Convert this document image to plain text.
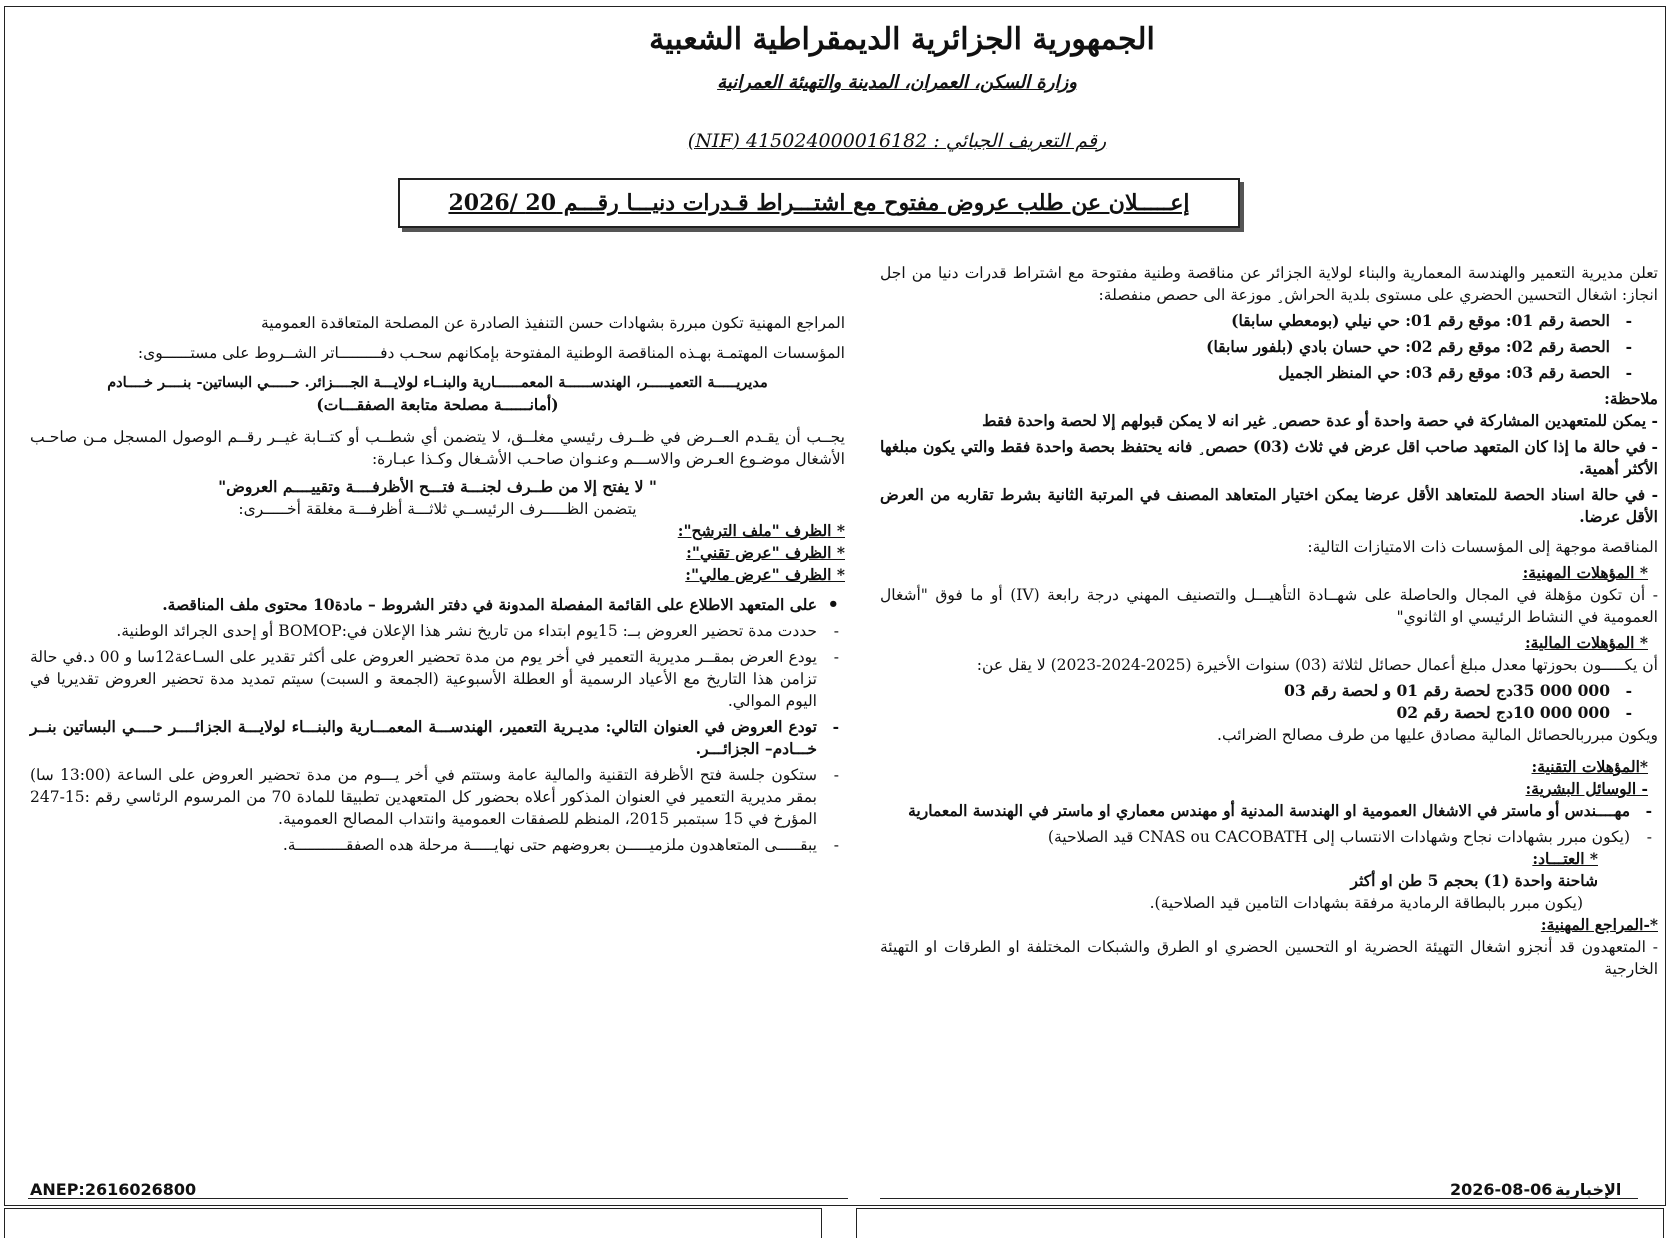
الجمهورية الجزائرية الديمقراطية الشعبية
وزارة السكن، العمران، المدينة والتهيئة العمرانية
رقم التعريف الجبائي : 415024000016182 (NIF)
إعـــــلان عن طلب عروض مفتوح مع اشتـــراط قـدرات دنيـــا رقـــم 20 /2026

تعلن مديرية التعمير والهندسة المعمارية والبناء لولاية الجزائر عن مناقصة وطنية مفتوحة مع اشتراط قدرات دنيا من اجل انجاز: اشغال التحسين الحضري على مستوى بلدية الحراش¸ موزعة الى حصص منفصلة:

- الحصة رقم 01: موقع رقم 01: حي نيلي (بومعطي سابقا)

- الحصة رقم 02: موقع رقم 02: حي حسان بادي (بلفور سابقا)

- الحصة رقم 03: موقع رقم 03: حي المنظر الجميل

ملاحظة:

- يمكن للمتعهدين المشاركة في حصة واحدة أو عدة حصص¸ غير انه لا يمكن قبولهم إلا لحصة واحدة فقط

- في حالة ما إذا كان المتعهد صاحب اقل عرض في ثلاث (03) حصص¸ فانه يحتفظ بحصة واحدة فقط والتي يكون مبلغها الأكثر أهمية.

- في حالة اسناد الحصة للمتعاهد الأقل عرضا يمكن اختيار المتعاهد المصنف في المرتبة الثانية بشرط تقاربه من العرض الأقل عرضا.

المناقصة موجهة إلى المؤسسات ذات الامتيازات التالية:

* المؤهلات المهنية:

- أن تكون مؤهلة في المجال والحاصلة على شهــادة التأهيـــل والتصنيف المهني درجة رابعة (IV) أو ما فوق "أشغال العمومية في النشاط الرئيسي او الثانوي"

* المؤهلات المالية:

أن يكـــــون بحوزتها معدل مبلغ أعمال حصائل لثلاثة (03) سنوات الأخيرة (2025-2024-2023) لا يقل عن:

- 000 000 35دج لحصة رقم 01 و لحصة رقم 03

- 000 000 10دج لحصة رقم 02

ويكون مبرربالحصائل المالية مصادق عليها من طرف مصالح الضرائب.

*المؤهلات التقنية:

- الوسائل البشرية:

- مهــــندس أو ماستر في الاشغال العمومية او الهندسة المدنية أو مهندس معماري او ماستر في الهندسة المعمارية

- (يكون مبرر بشهادات نجاح وشهادات الانتساب إلى CNAS ou CACOBATH قيد الصلاحية)

* العتـــاد:

شاحنة واحدة (1) بحجم 5 طن او أكثر

(يكون مبرر بالبطاقة الرمادية مرفقة بشهادات التامين قيد الصلاحية).

*-المراجع المهنية:

- المتعهدون قد أنجزو اشغال التهيئة الحضرية او التحسين الحضري او الطرق والشبكات المختلفة او الطرقات او التهيئة الخارجية

المراجع المهنية تكون مبررة بشهادات حسن التنفيذ الصادرة عن المصلحة المتعاقدة العمومية

المؤسسات المهتمـة بهـذه المناقصة الوطنية المفتوحة بإمكانهم سحـب دفـــــــــاتر الشــروط على مستــــــوى:

مديريـــــة التعميـــــر، الهندســــــة المعمــــــارية والبنــاء لولايـــة الجــــزائر. حـــــي البساتين- بنــــر خــــادم

(أمانــــــة مصلحة متابعة الصفقـــات)

يجــب أن يقـدم العــرض في ظــرف رئيسي مغلــق، لا يتضمن أي شطــب أو كتــابة غيــر رقــم الوصول المسجل مـن صاحـب الأشغال موضـوع العـرض والاســـم وعنـوان صاحـب الأشـغال وكـذا عبـارة:

" لا يفتح إلا من طــرف لجنـــة فتـــح الأظرفــــة وتقييــــم العروض"

يتضمن الظـــــرف الرئيســي ثلاثـــة أظرفـــة مغلقة أخـــــرى:

* الظرف "ملف الترشح":

* الظرف "عرض تقني":

* الظرف "عرض مالي":

• على المتعهد الاطلاع على القائمة المفصلة المدونة في دفتر الشروط – مادة10 محتوى ملف المناقصة.

- حددت مدة تحضير العروض بــ: 15يوم ابتداء من تاريخ نشر هذا الإعلان في:BOMOP أو إحدى الجرائد الوطنية.

- يودع العرض بمقــر مديرية التعمير في أخر يوم من مدة تحضير العروض على أكثر تقدير على السـاعة12سا و 00 د.في حالة تزامن هذا التاريخ مع الأعياد الرسمية أو العطلة الأسبوعية (الجمعة و السبت) سيتم تمديد مدة تحضير العروض تقديريا في اليوم الموالي.

- تودع العروض في العنوان التالي: مديـرية التعمير، الهندســـة المعمـــارية والبنـــاء لولايـــة الجزائــــر حــــي البساتين بنــر خـــادم– الجزائـــر.

- ستكون جلسة فتح الأظرفة التقنية والمالية عامة وستتم في أخر يـــوم من مدة تحضير العروض على الساعة (13:00 سا) بمقر مديرية التعمير في العنوان المذكور أعلاه بحضور كل المتعهدين تطبيقا للمادة 70 من المرسوم الرئاسي رقم :15-247 المؤرخ في 15 سبتمبر 2015، المنظم للصفقات العمومية وانتداب المصالح العمومية.

- يبقـــــى المتعاهدون ملزميـــــن بعروضهم حتى نهايـــــة مرحلة هده الصفقـــــــــــة.

ANEP:2616026800	2026-08-06 الإخبارية
